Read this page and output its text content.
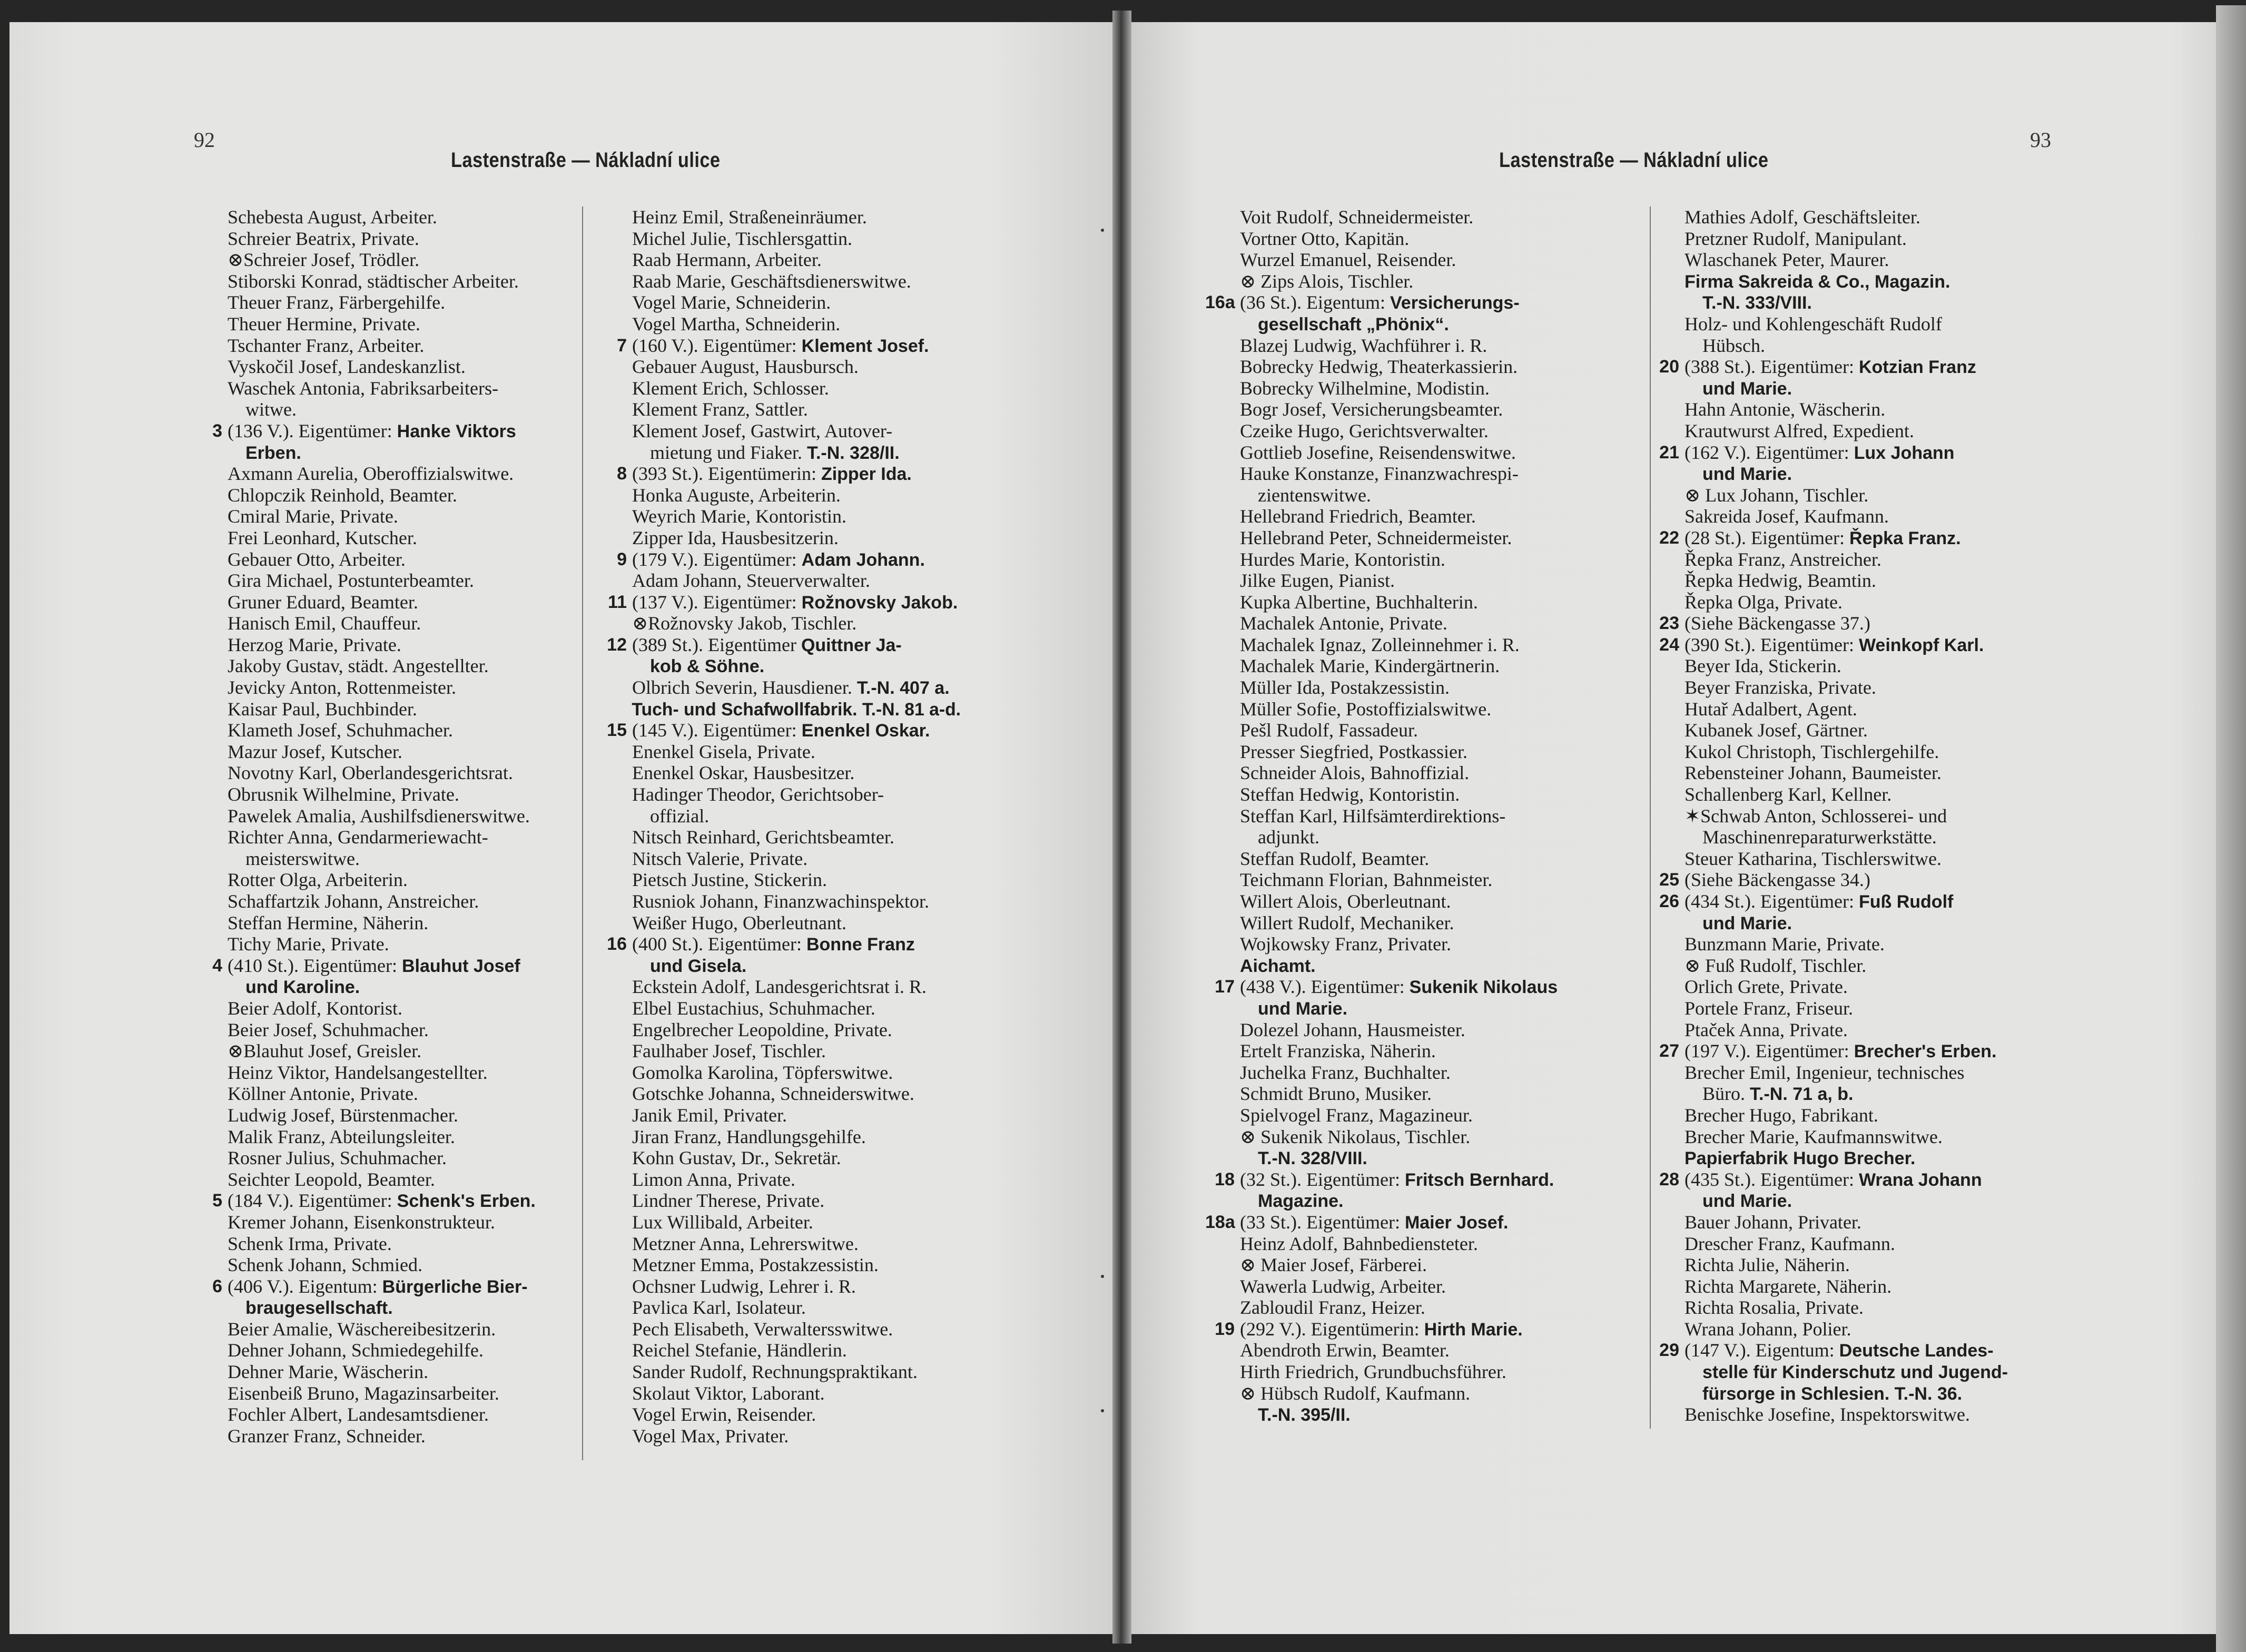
92
Lastenstraße — Nákladní ulice
Schebesta August, Arbeiter.
Schreier Beatrix, Private.
⊗Schreier Josef, Trödler.
Stiborski Konrad, städtischer Arbeiter.
Theuer Franz, Färbergehilfe.
Theuer Hermine, Private.
Tschanter Franz, Arbeiter.
Vyskočil Josef, Landeskanzlist.
Waschek Antonia, Fabriksarbeiters-
witwe.
3 (136 V.). Eigentümer: Hanke Viktors
Erben.
Axmann Aurelia, Oberoffizialswitwe.
Chlopczik Reinhold, Beamter.
Cmiral Marie, Private.
Frei Leonhard, Kutscher.
Gebauer Otto, Arbeiter.
Gira Michael, Postunterbeamter.
Gruner Eduard, Beamter.
Hanisch Emil, Chauffeur.
Herzog Marie, Private.
Jakoby Gustav, städt. Angestellter.
Jevicky Anton, Rottenmeister.
Kaisar Paul, Buchbinder.
Klameth Josef, Schuhmacher.
Mazur Josef, Kutscher.
Novotny Karl, Oberlandesgerichtsrat.
Obrusnik Wilhelmine, Private.
Pawelek Amalia, Aushilfsdienerswitwe.
Richter Anna, Gendarmeriewacht-
meisterswitwe.
Rotter Olga, Arbeiterin.
Schaffartzik Johann, Anstreicher.
Steffan Hermine, Näherin.
Tichy Marie, Private.
4 (410 St.). Eigentümer: Blauhut Josef
und Karoline.
Beier Adolf, Kontorist.
Beier Josef, Schuhmacher.
⊗Blauhut Josef, Greisler.
Heinz Viktor, Handelsangestellter.
Köllner Antonie, Private.
Ludwig Josef, Bürstenmacher.
Malik Franz, Abteilungsleiter.
Rosner Julius, Schuhmacher.
Seichter Leopold, Beamter.
5 (184 V.). Eigentümer: Schenk's Erben.
Kremer Johann, Eisenkonstrukteur.
Schenk Irma, Private.
Schenk Johann, Schmied.
6 (406 V.). Eigentum: Bürgerliche Bier-
braugesellschaft.
Beier Amalie, Wäschereibesitzerin.
Dehner Johann, Schmiedegehilfe.
Dehner Marie, Wäscherin.
Eisenbeiß Bruno, Magazinsarbeiter.
Fochler Albert, Landesamtsdiener.
Granzer Franz, Schneider.
Heinz Emil, Straßeneinräumer.
Michel Julie, Tischlersgattin.
Raab Hermann, Arbeiter.
Raab Marie, Geschäftsdienerswitwe.
Vogel Marie, Schneiderin.
Vogel Martha, Schneiderin.
7 (160 V.). Eigentümer: Klement Josef.
Gebauer August, Hausbursch.
Klement Erich, Schlosser.
Klement Franz, Sattler.
Klement Josef, Gastwirt, Autover-
mietung und Fiaker. T.-N. 328/II.
8 (393 St.). Eigentümerin: Zipper Ida.
Honka Auguste, Arbeiterin.
Weyrich Marie, Kontoristin.
Zipper Ida, Hausbesitzerin.
9 (179 V.). Eigentümer: Adam Johann.
Adam Johann, Steuerverwalter.
11 (137 V.). Eigentümer: Rožnovsky Jakob.
⊗Rožnovsky Jakob, Tischler.
12 (389 St.). Eigentümer Quittner Ja-
kob & Söhne.
Olbrich Severin, Hausdiener. T.-N. 407 a.
Tuch- und Schafwollfabrik. T.-N. 81 a-d.
15 (145 V.). Eigentümer: Enenkel Oskar.
Enenkel Gisela, Private.
Enenkel Oskar, Hausbesitzer.
Hadinger Theodor, Gerichtsober-
offizial.
Nitsch Reinhard, Gerichtsbeamter.
Nitsch Valerie, Private.
Pietsch Justine, Stickerin.
Rusniok Johann, Finanzwachinspektor.
Weißer Hugo, Oberleutnant.
16 (400 St.). Eigentümer: Bonne Franz
und Gisela.
Eckstein Adolf, Landesgerichtsrat i. R.
Elbel Eustachius, Schuhmacher.
Engelbrecher Leopoldine, Private.
Faulhaber Josef, Tischler.
Gomolka Karolina, Töpferswitwe.
Gotschke Johanna, Schneiderswitwe.
Janik Emil, Privater.
Jiran Franz, Handlungsgehilfe.
Kohn Gustav, Dr., Sekretär.
Limon Anna, Private.
Lindner Therese, Private.
Lux Willibald, Arbeiter.
Metzner Anna, Lehrerswitwe.
Metzner Emma, Postakzessistin.
Ochsner Ludwig, Lehrer i. R.
Pavlica Karl, Isolateur.
Pech Elisabeth, Verwaltersswitwe.
Reichel Stefanie, Händlerin.
Sander Rudolf, Rechnungspraktikant.
Skolaut Viktor, Laborant.
Vogel Erwin, Reisender.
Vogel Max, Privater.
93
Lastenstraße — Nákladní ulice
Voit Rudolf, Schneidermeister.
Vortner Otto, Kapitän.
Wurzel Emanuel, Reisender.
⊗ Zips Alois, Tischler.
16a (36 St.). Eigentum: Versicherungs-
gesellschaft „Phönix“.
Blazej Ludwig, Wachführer i. R.
Bobrecky Hedwig, Theaterkassierin.
Bobrecky Wilhelmine, Modistin.
Bogr Josef, Versicherungsbeamter.
Czeike Hugo, Gerichtsverwalter.
Gottlieb Josefine, Reisendenswitwe.
Hauke Konstanze, Finanzwachrespi-
zientenswitwe.
Hellebrand Friedrich, Beamter.
Hellebrand Peter, Schneidermeister.
Hurdes Marie, Kontoristin.
Jilke Eugen, Pianist.
Kupka Albertine, Buchhalterin.
Machalek Antonie, Private.
Machalek Ignaz, Zolleinnehmer i. R.
Machalek Marie, Kindergärtnerin.
Müller Ida, Postakzessistin.
Müller Sofie, Postoffizialswitwe.
Pešl Rudolf, Fassadeur.
Presser Siegfried, Postkassier.
Schneider Alois, Bahnoffizial.
Steffan Hedwig, Kontoristin.
Steffan Karl, Hilfsämterdirektions-
adjunkt.
Steffan Rudolf, Beamter.
Teichmann Florian, Bahnmeister.
Willert Alois, Oberleutnant.
Willert Rudolf, Mechaniker.
Wojkowsky Franz, Privater.
Aichamt.
17 (438 V.). Eigentümer: Sukenik Nikolaus
und Marie.
Dolezel Johann, Hausmeister.
Ertelt Franziska, Näherin.
Juchelka Franz, Buchhalter.
Schmidt Bruno, Musiker.
Spielvogel Franz, Magazineur.
⊗ Sukenik Nikolaus, Tischler.
T.-N. 328/VIII.
18 (32 St.). Eigentümer: Fritsch Bernhard.
Magazine.
18a (33 St.). Eigentümer: Maier Josef.
Heinz Adolf, Bahnbediensteter.
⊗ Maier Josef, Färberei.
Wawerla Ludwig, Arbeiter.
Zabloudil Franz, Heizer.
19 (292 V.). Eigentümerin: Hirth Marie.
Abendroth Erwin, Beamter.
Hirth Friedrich, Grundbuchsführer.
⊗ Hübsch Rudolf, Kaufmann.
T.-N. 395/II.
Mathies Adolf, Geschäftsleiter.
Pretzner Rudolf, Manipulant.
Wlaschanek Peter, Maurer.
Firma Sakreida & Co., Magazin.
T.-N. 333/VIII.
Holz- und Kohlengeschäft Rudolf
Hübsch.
20 (388 St.). Eigentümer: Kotzian Franz
und Marie.
Hahn Antonie, Wäscherin.
Krautwurst Alfred, Expedient.
21 (162 V.). Eigentümer: Lux Johann
und Marie.
⊗ Lux Johann, Tischler.
Sakreida Josef, Kaufmann.
22 (28 St.). Eigentümer: Řepka Franz.
Řepka Franz, Anstreicher.
Řepka Hedwig, Beamtin.
Řepka Olga, Private.
23 (Siehe Bäckengasse 37.)
24 (390 St.). Eigentümer: Weinkopf Karl.
Beyer Ida, Stickerin.
Beyer Franziska, Private.
Hutař Adalbert, Agent.
Kubanek Josef, Gärtner.
Kukol Christoph, Tischlergehilfe.
Rebensteiner Johann, Baumeister.
Schallenberg Karl, Kellner.
✶Schwab Anton, Schlosserei- und
Maschinenreparaturwerkstätte.
Steuer Katharina, Tischlerswitwe.
25 (Siehe Bäckengasse 34.)
26 (434 St.). Eigentümer: Fuß Rudolf
und Marie.
Bunzmann Marie, Private.
⊗ Fuß Rudolf, Tischler.
Orlich Grete, Private.
Portele Franz, Friseur.
Ptaček Anna, Private.
27 (197 V.). Eigentümer: Brecher's Erben.
Brecher Emil, Ingenieur, technisches
Büro. T.-N. 71 a, b.
Brecher Hugo, Fabrikant.
Brecher Marie, Kaufmannswitwe.
Papierfabrik Hugo Brecher.
28 (435 St.). Eigentümer: Wrana Johann
und Marie.
Bauer Johann, Privater.
Drescher Franz, Kaufmann.
Richta Julie, Näherin.
Richta Margarete, Näherin.
Richta Rosalia, Private.
Wrana Johann, Polier.
29 (147 V.). Eigentum: Deutsche Landes-
stelle für Kinderschutz und Jugend-
fürsorge in Schlesien. T.-N. 36.
Benischke Josefine, Inspektorswitwe.
